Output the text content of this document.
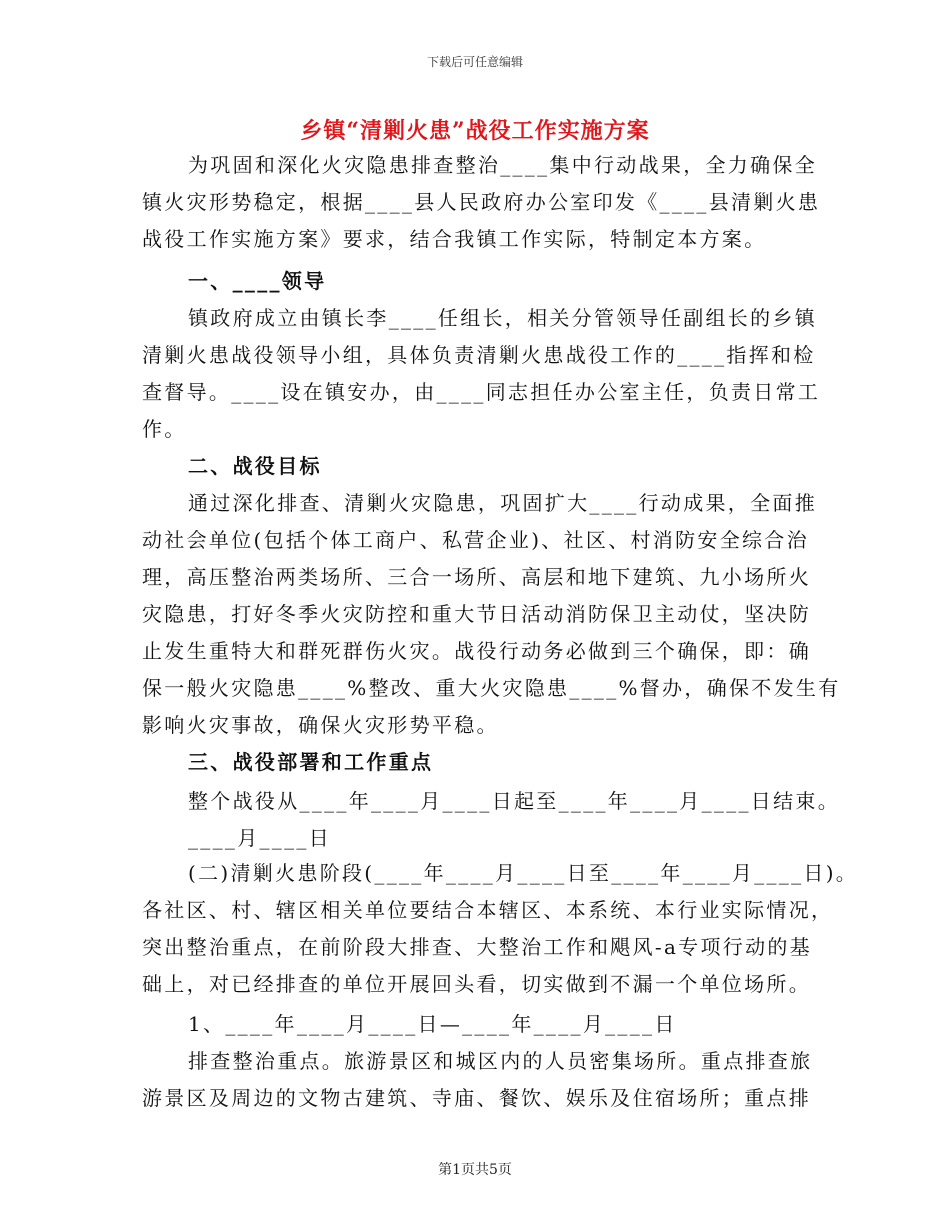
下载后可任意编辑
乡镇“清剿火患”战役工作实施方案
为巩固和深化火灾隐患排查整治____集中行动战果，全力确保全
镇火灾形势稳定，根据____县人民政府办公室印发《____县清剿火患
战役工作实施方案》要求，结合我镇工作实际，特制定本方案。
一、____领导
镇政府成立由镇长李____任组长，相关分管领导任副组长的乡镇
清剿火患战役领导小组，具体负责清剿火患战役工作的____指挥和检
查督导。____设在镇安办，由____同志担任办公室主任，负责日常工
作。
二、战役目标
通过深化排查、清剿火灾隐患，巩固扩大____行动成果，全面推
动社会单位(包括个体工商户、私营企业)、社区、村消防安全综合治
理，高压整治两类场所、三合一场所、高层和地下建筑、九小场所火
灾隐患，打好冬季火灾防控和重大节日活动消防保卫主动仗，坚决防
止发生重特大和群死群伤火灾。战役行动务必做到三个确保，即：确
保一般火灾隐患____%整改、重大火灾隐患____%督办，确保不发生有
影响火灾事故，确保火灾形势平稳。
三、战役部署和工作重点
整个战役从____年____月____日起至____年____月____日结束。
____月____日
(二)清剿火患阶段(____年____月____日至____年____月____日)。
各社区、村、辖区相关单位要结合本辖区、本系统、本行业实际情况，
突出整治重点，在前阶段大排查、大整治工作和飓风-a专项行动的基
础上，对已经排查的单位开展回头看，切实做到不漏一个单位场所。
1、____年____月____日—____年____月____日
排查整治重点。旅游景区和城区内的人员密集场所。重点排查旅
游景区及周边的文物古建筑、寺庙、餐饮、娱乐及住宿场所；重点排
第1页共5页
